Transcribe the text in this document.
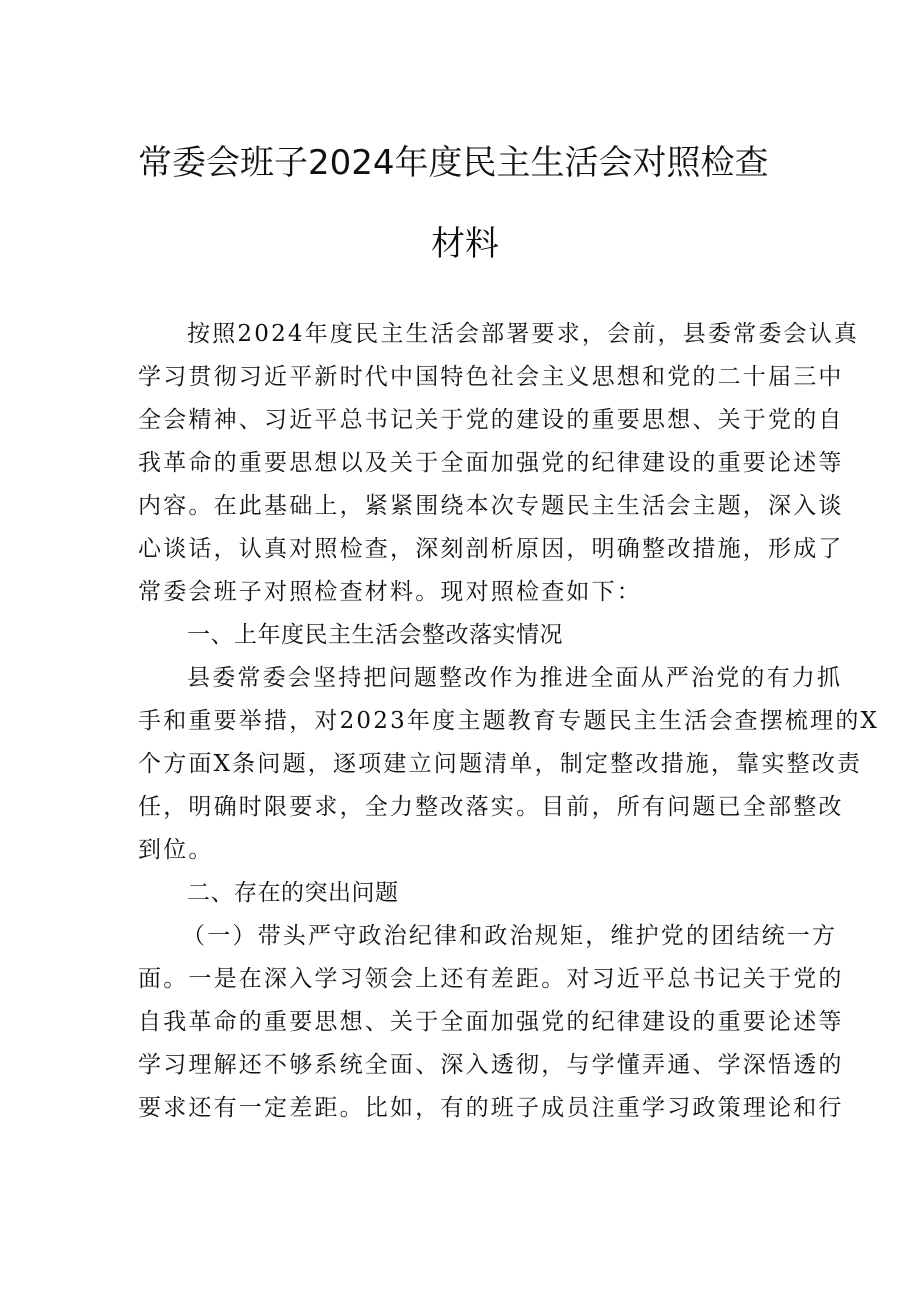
常委会班子2024年度民主生活会对照检查
材料
按照2024年度民主生活会部署要求，会前，县委常委会认真
学习贯彻习近平新时代中国特色社会主义思想和党的二十届三中
全会精神、习近平总书记关于党的建设的重要思想、关于党的自
我革命的重要思想以及关于全面加强党的纪律建设的重要论述等
内容。在此基础上，紧紧围绕本次专题民主生活会主题，深入谈
心谈话，认真对照检查，深刻剖析原因，明确整改措施，形成了
常委会班子对照检查材料。现对照检查如下：
一、上年度民主生活会整改落实情况
县委常委会坚持把问题整改作为推进全面从严治党的有力抓
手和重要举措，对2023年度主题教育专题民主生活会查摆梳理的X
个方面X条问题，逐项建立问题清单，制定整改措施，靠实整改责
任，明确时限要求，全力整改落实。目前，所有问题已全部整改
到位。
二、存在的突出问题
（一）带头严守政治纪律和政治规矩，维护党的团结统一方
面。一是在深入学习领会上还有差距。对习近平总书记关于党的
自我革命的重要思想、关于全面加强党的纪律建设的重要论述等
学习理解还不够系统全面、深入透彻，与学懂弄通、学深悟透的
要求还有一定差距。比如，有的班子成员注重学习政策理论和行
